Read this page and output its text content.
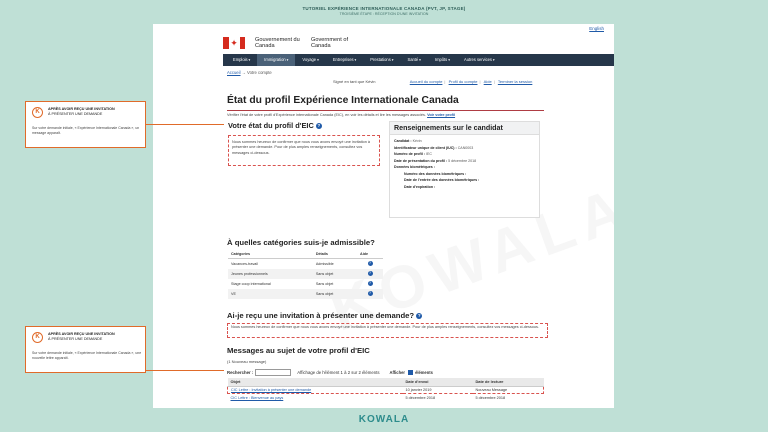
TUTORIEL EXPÉRIENCE INTERNATIONALE CANADA (PVT, JP, STAGE)
TROISIÈME ÉTAPE : RÉCEPTION D'UNE INVITATION
English
✦	Gouvernement du Canada
Government of Canada
Emplois ▾	Immigration ▾	Voyage ▾	Entreprises ▾	Prestations ▾	Santé ▾	Impôts ▾	Autres services ▾
Accueil → Votre compte
Signé en tant que Kévin	Accueil du compte | Profil du compte | Aide | Terminer la session
État du profil Expérience Internationale Canada
Vérifier l'état de votre profil d'Expérience internationale Canada (EIC), en voir les détails et lire les messages associés. Voir votre profil
Votre état du profil d'EIC ?
Nous sommes heureux de confirmer que nous vous avons envoyé une invitation à présenter une demande. Pour de plus amples renseignements, consultez vos messages ci-dessous.
Renseignements sur le candidat
Candidat : Kévin
Identificateur unique de client (IUC) : CAN0003
Numéro de profil : IEC
Date de présentation du profil : 5 décembre 2018
Données biométriques :
Numéro des données biométriques :
Date de l'entrée des données biométriques :
Date d'expiration :
À quelles catégories suis-je admissible?
Catégories	Détails	Aide
Vacances-travail	Admissible	?
Jeunes professionnels	Sans objet	?
Stage coop international	Sans objet	?
VE	Sans objet	?
Ai-je reçu une invitation à présenter une demande? ?
Nous sommes heureux de confirmer que nous vous avons envoyé une invitation à présenter une demande. Pour de plus amples renseignements, consultez vos messages ci-dessous.
Messages au sujet de votre profil d'EIC
(1 Nouveau message)
Rechercher :	Affichage de l'élément 1 à 2 sur 2 éléments Afficher éléments
Objet	Date d'envoi	Date de lecture
CIC Lettre : Invitation à présenter une demande	10 janvier 2019	Nouveau Message
CIC Lettre : Bienvenue au pays	5 décembre 2018	5 décembre 2018
K	APRÈS AVOIR REÇU UNE INVITATION
À PRÉSENTER UNE DEMANDE
Sur votre demande initiale, « Expérience Internationale Canada », un message apparaît.
K	APRÈS AVOIR REÇU UNE INVITATION
À PRÉSENTER UNE DEMANDE
Sur votre demande initiale, « Expérience Internationale Canada », une nouvelle lettre apparaît.
KOWALA
